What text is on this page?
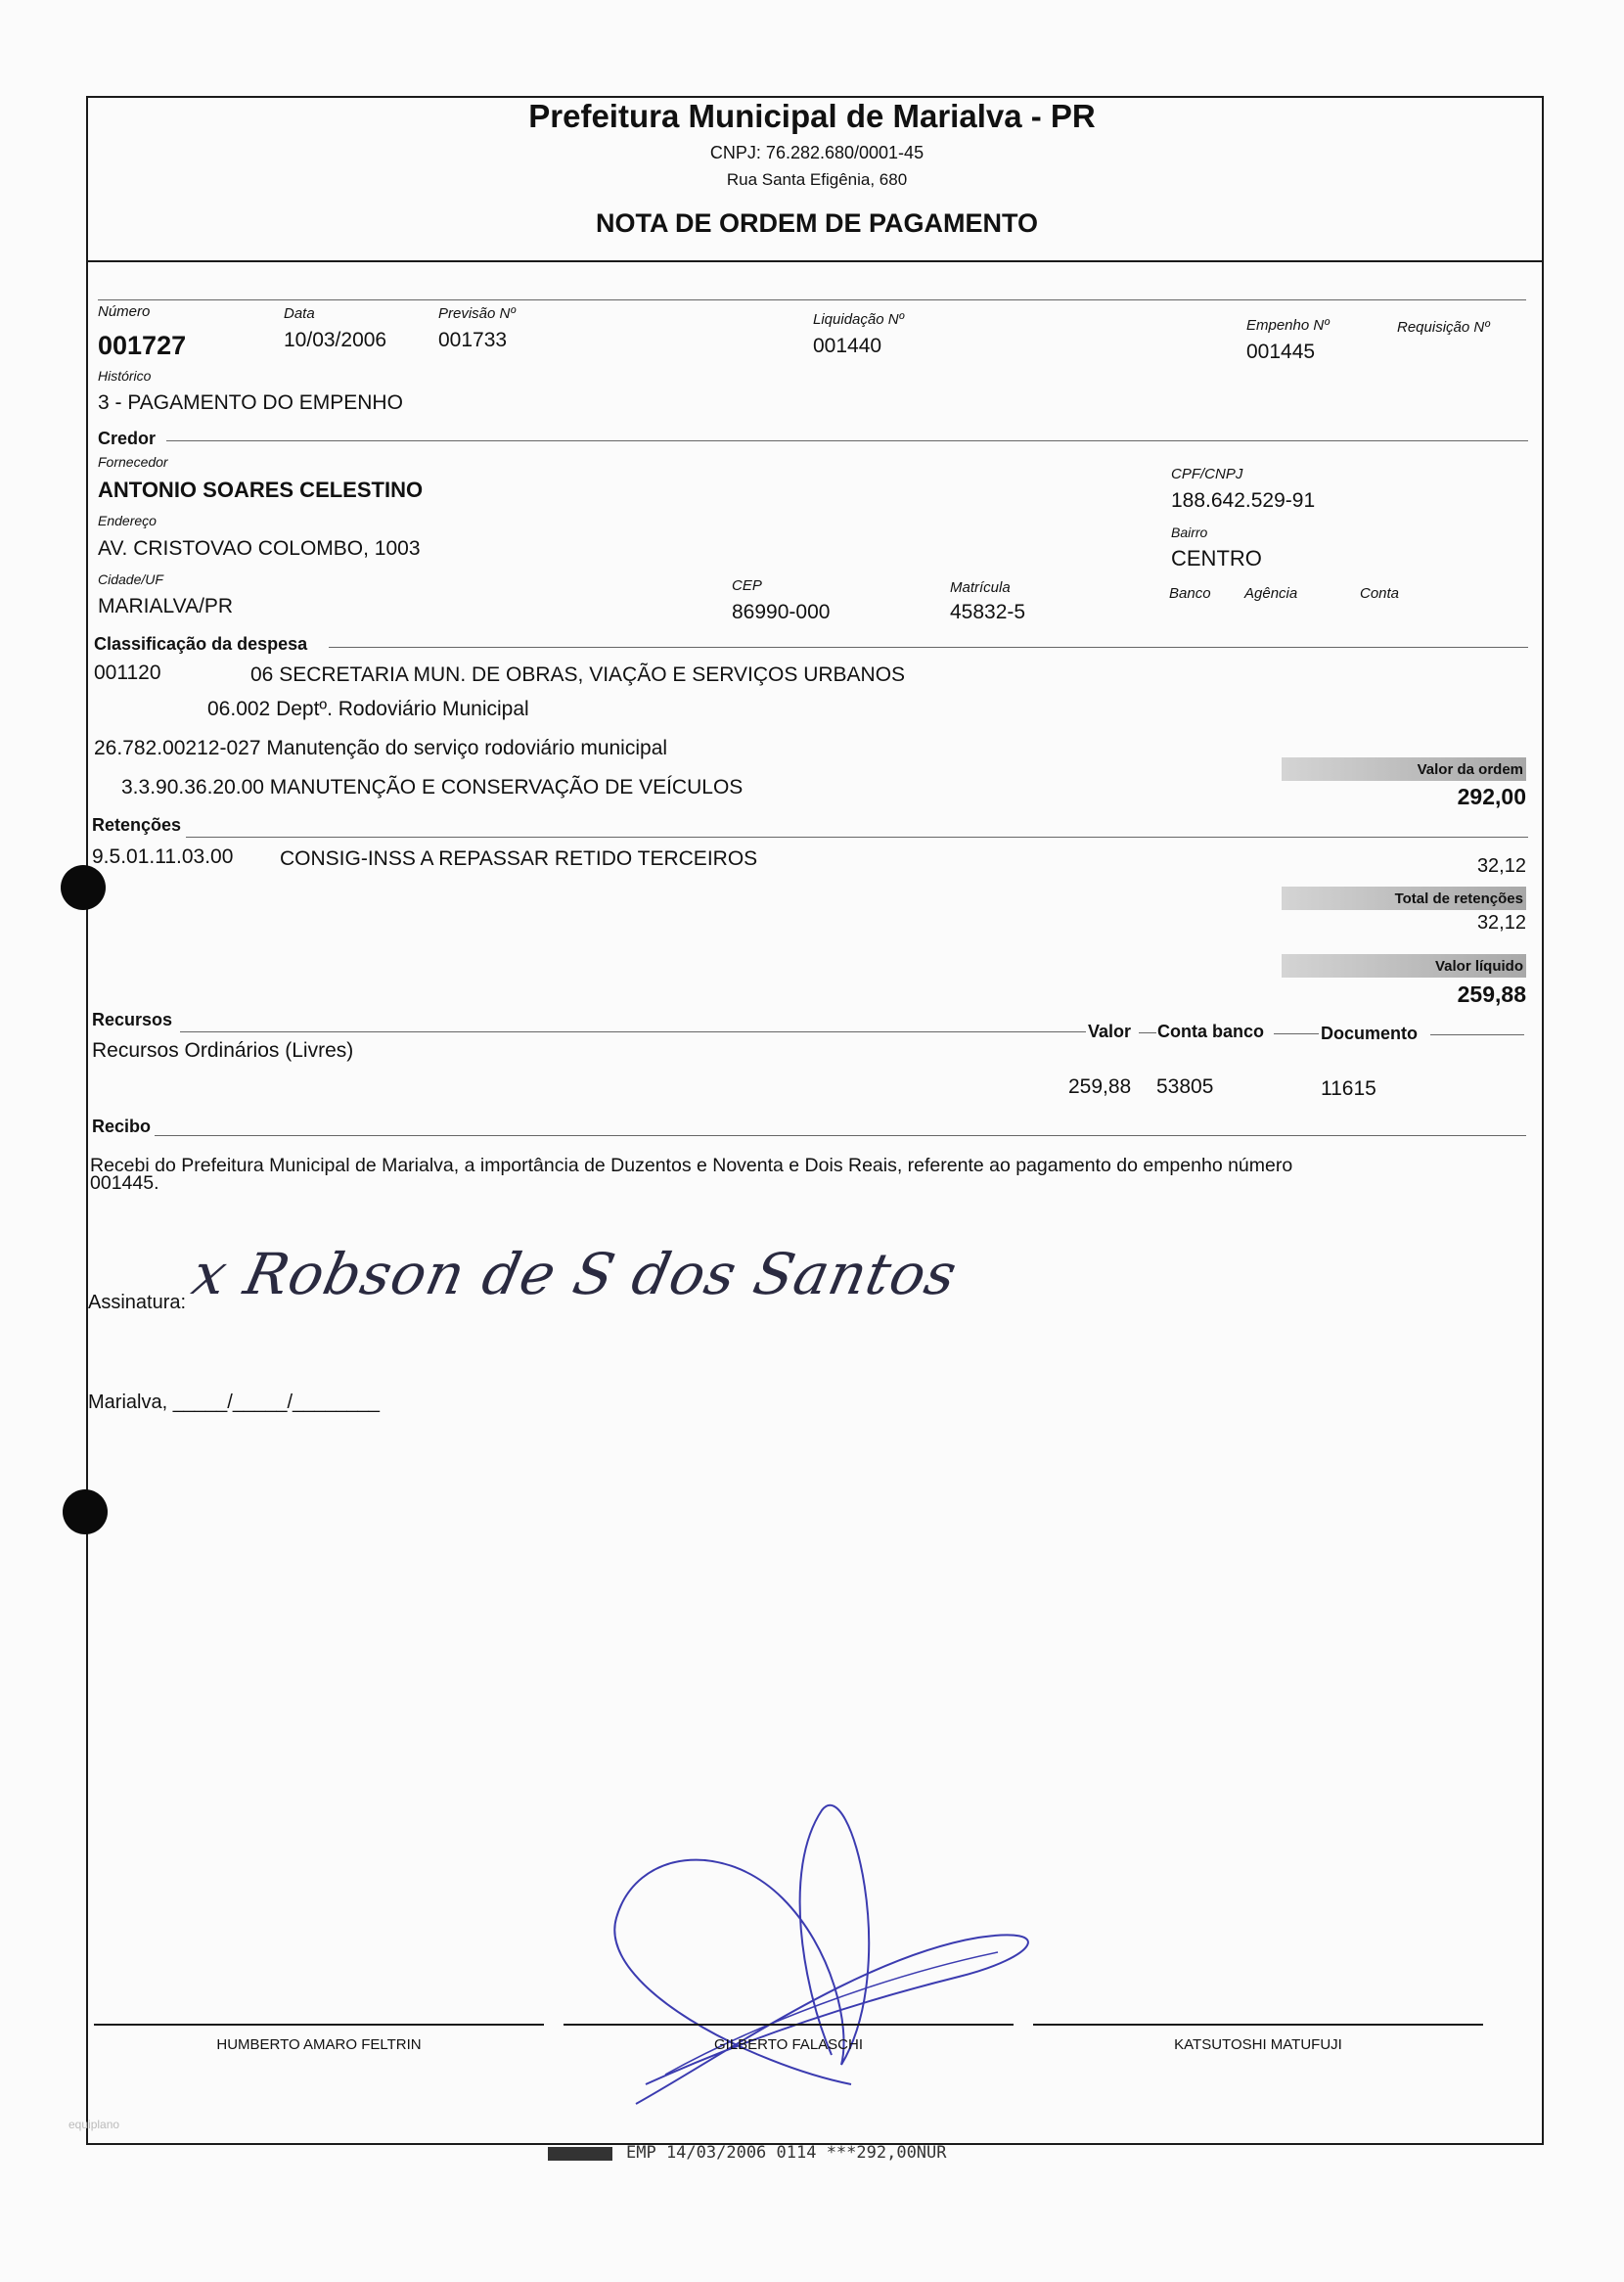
Prefeitura Municipal de Marialva - PR
CNPJ: 76.282.680/0001-45
Rua Santa Efigênia, 680
NOTA DE ORDEM DE PAGAMENTO
Número
001727
Data
10/03/2006
Previsão Nº
001733
Liquidação Nº
001440
Empenho Nº
001445
Requisição Nº
Histórico
3 - PAGAMENTO DO EMPENHO
Credor
Fornecedor
ANTONIO SOARES CELESTINO
CPF/CNPJ
188.642.529-91
Endereço
AV. CRISTOVAO COLOMBO, 1003
Bairro
CENTRO
Cidade/UF
MARIALVA/PR
CEP
86990-000
Matrícula
45832-5
Banco Agência	Conta
Classificação da despesa
001120	06 SECRETARIA MUN. DE OBRAS, VIAÇÃO E SERVIÇOS URBANOS
06.002 Deptº. Rodoviário Municipal
26.782.00212-027 Manutenção do serviço rodoviário municipal
3.3.90.36.20.00 MANUTENÇÃO E CONSERVAÇÃO DE VEÍCULOS
Valor da ordem
292,00
Retenções
9.5.01.11.03.00 CONSIG-INSS A REPASSAR RETIDO TERCEIROS	32,12
Total de retenções
32,12
Valor líquido
259,88
Recursos
Valor Conta banco	Documento
Recursos Ordinários (Livres)
259,88 53805	11615
Recibo
Recebi do Prefeitura Municipal de Marialva, a importância de Duzentos e Noventa e Dois Reais, referente ao pagamento do empenho número
001445.
Assinatura: x Robson de S dos Santos
Marialva, _____/_____/________
HUMBERTO AMARO FELTRIN	GILBERTO FALASCHI	KATSUTOSHI MATUFUJI
equiplano
EMP 14/03/2006 0114 ***292,00NUR
